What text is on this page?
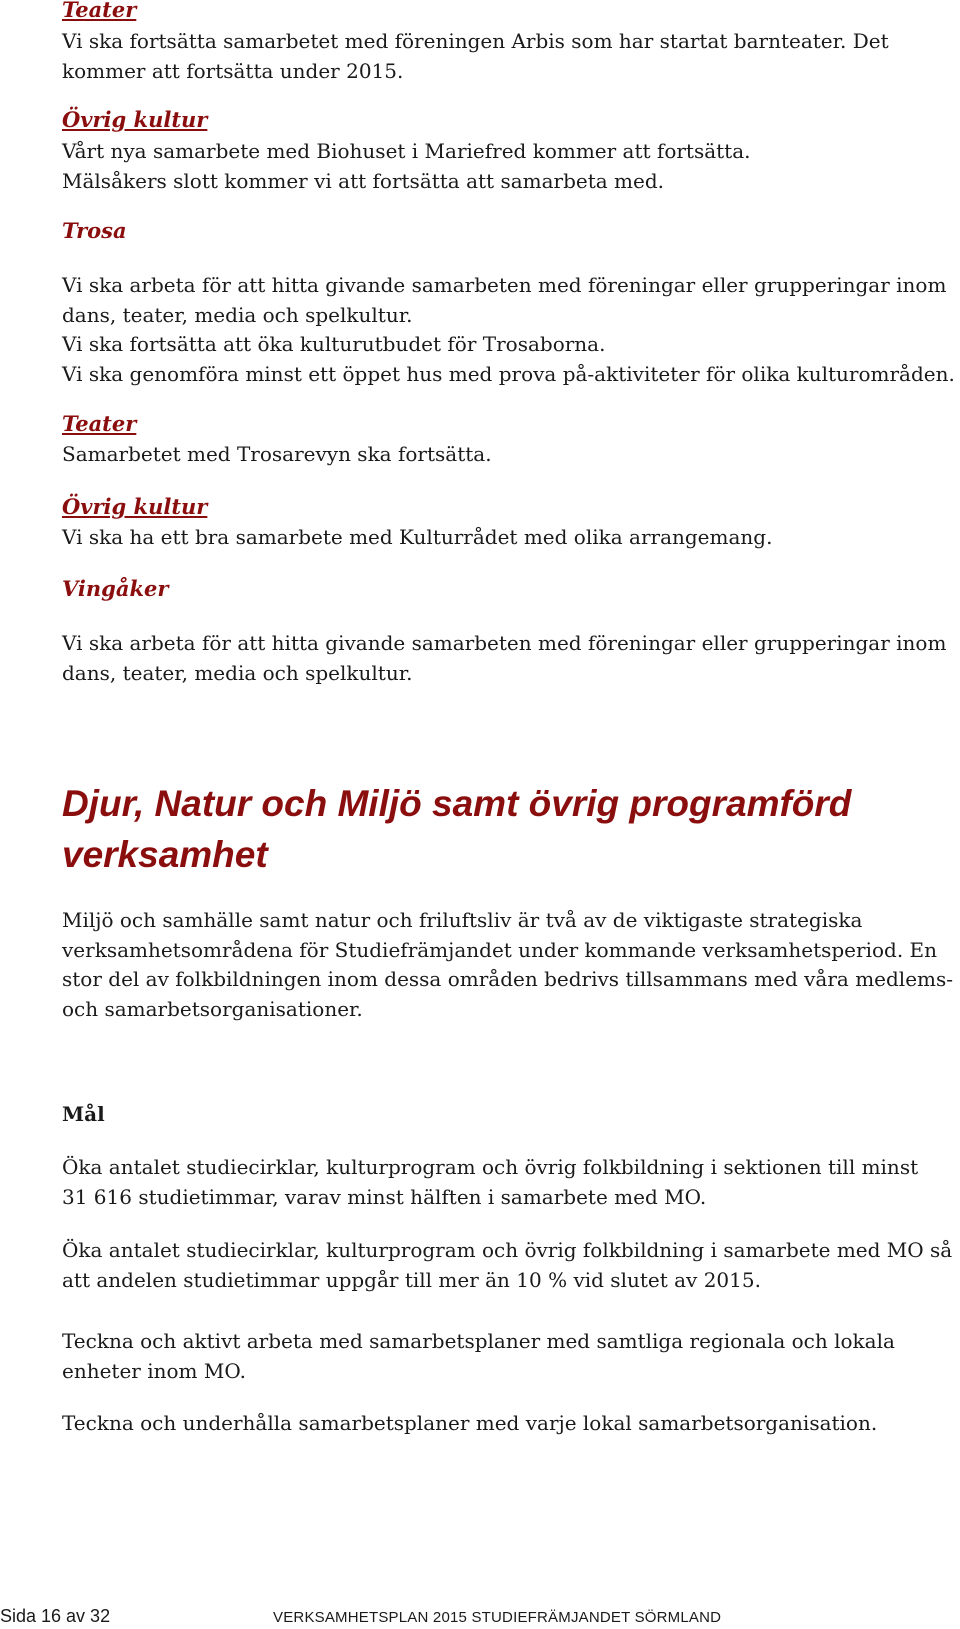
Teater
Vi ska fortsätta samarbetet med föreningen Arbis som har startat barnteater. Det
kommer att fortsätta under 2015.
Övrig kultur
Vårt nya samarbete med Biohuset i Mariefred kommer att fortsätta.
Mälsåkers slott kommer vi att fortsätta att samarbeta med.
Trosa
Vi ska arbeta för att hitta givande samarbeten med föreningar eller grupperingar inom
dans, teater, media och spelkultur.
Vi ska fortsätta att öka kulturutbudet för Trosaborna.
Vi ska genomföra minst ett öppet hus med prova på-aktiviteter för olika kulturområden.
Teater
Samarbetet med Trosarevyn ska fortsätta.
Övrig kultur
Vi ska ha ett bra samarbete med Kulturrådet med olika arrangemang.
Vingåker
Vi ska arbeta för att hitta givande samarbeten med föreningar eller grupperingar inom
dans, teater, media och spelkultur.
Djur, Natur och Miljö samt övrig programförd
verksamhet
Miljö och samhälle samt natur och friluftsliv är två av de viktigaste strategiska
verksamhetsområdena för Studiefrämjandet under kommande verksamhetsperiod. En
stor del av folkbildningen inom dessa områden bedrivs tillsammans med våra medlems-
och samarbetsorganisationer.
Mål
Öka antalet studiecirklar, kulturprogram och övrig folkbildning i sektionen till minst
31 616 studietimmar, varav minst hälften i samarbete med MO.
Öka antalet studiecirklar, kulturprogram och övrig folkbildning i samarbete med MO så
att andelen studietimmar uppgår till mer än 10 % vid slutet av 2015.
Teckna och aktivt arbeta med samarbetsplaner med samtliga regionala och lokala
enheter inom MO.
Teckna och underhålla samarbetsplaner med varje lokal samarbetsorganisation.
Sida 16 av 32	VERKSAMHETSPLAN 2015 STUDIEFRÄMJANDET SÖRMLAND
